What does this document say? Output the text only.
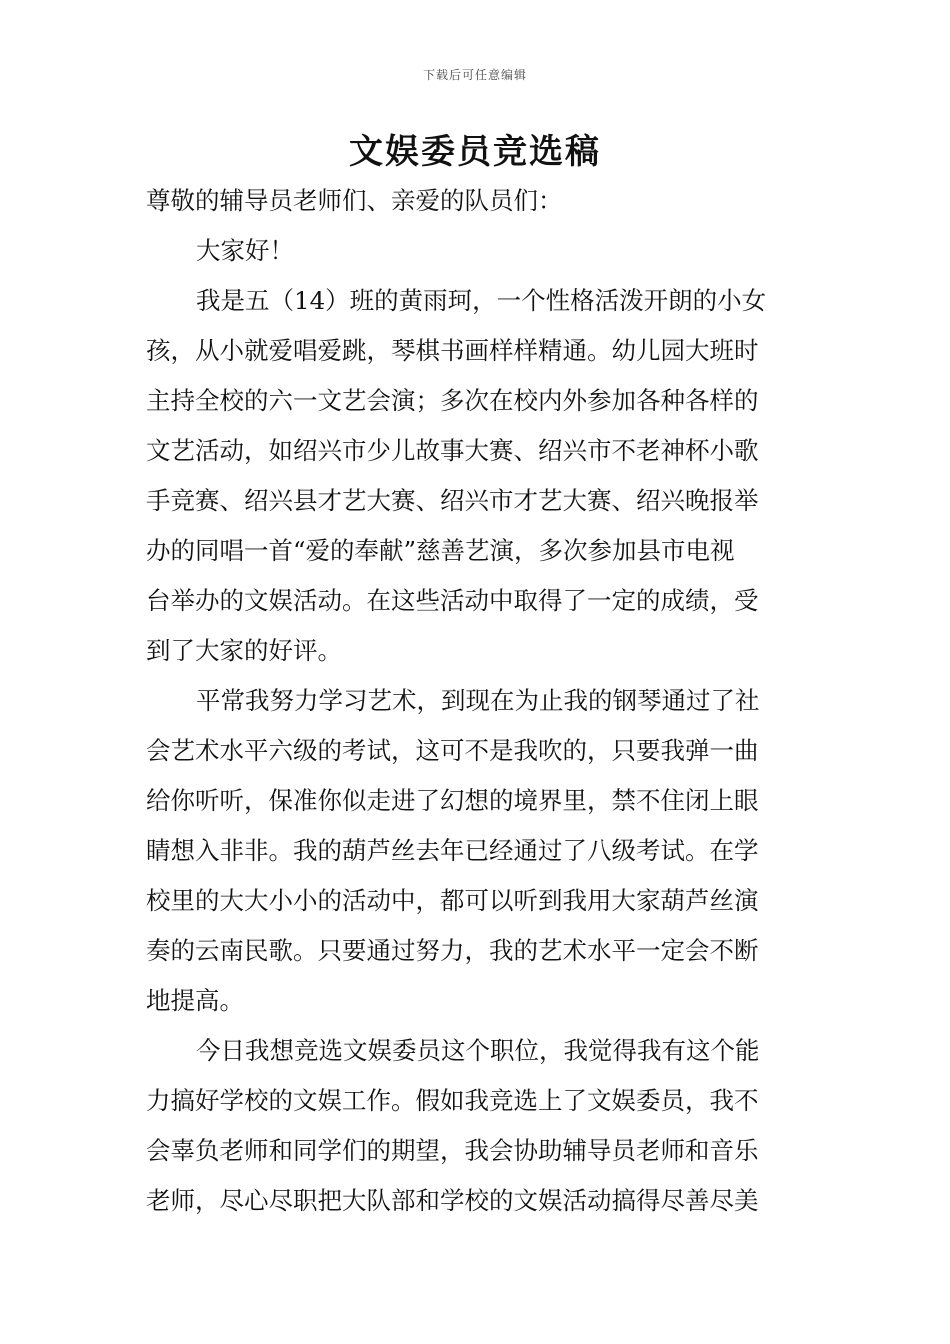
下载后可任意编辑
文娱委员竞选稿
尊敬的辅导员老师们、亲爱的队员们：
大家好！
我是五（14）班的黄雨珂，一个性格活泼开朗的小女
孩，从小就爱唱爱跳，琴棋书画样样精通。幼儿园大班时
主持全校的六一文艺会演；多次在校内外参加各种各样的
文艺活动，如绍兴市少儿故事大赛、绍兴市不老神杯小歌
手竞赛、绍兴县才艺大赛、绍兴市才艺大赛、绍兴晚报举
办的同唱一首“爱的奉献”慈善艺演，多次参加县市电视
台举办的文娱活动。在这些活动中取得了一定的成绩，受
到了大家的好评。
平常我努力学习艺术，到现在为止我的钢琴通过了社
会艺术水平六级的考试，这可不是我吹的，只要我弹一曲
给你听听，保准你似走进了幻想的境界里，禁不住闭上眼
睛想入非非。我的葫芦丝去年已经通过了八级考试。在学
校里的大大小小的活动中，都可以听到我用大家葫芦丝演
奏的云南民歌。只要通过努力，我的艺术水平一定会不断
地提高。
今日我想竞选文娱委员这个职位，我觉得我有这个能
力搞好学校的文娱工作。假如我竞选上了文娱委员，我不
会辜负老师和同学们的期望，我会协助辅导员老师和音乐
老师，尽心尽职把大队部和学校的文娱活动搞得尽善尽美
